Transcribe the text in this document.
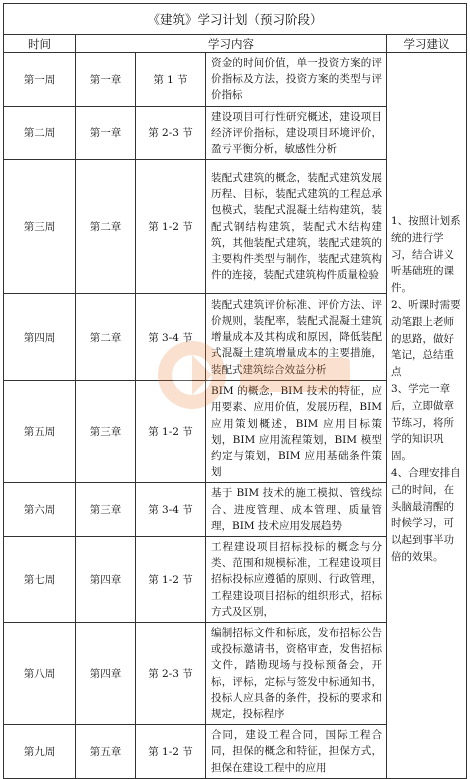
《建筑》学习计划（预习阶段）				
时间	学习内容			学习建议
第一周	第一章	第 1 节	资金的时间价值，单一投资方案的评价指标及方法，投资方案的类型与评价指标	1、按照计划系统的进行学习，结合讲义听基础班的课件。
2、听课时需要动笔跟上老师的思路，做好笔记，总结重点
3、学完一章后，立即做章节练习，将所学的知识巩固。
4、合理安排自己的时间，在头脑最清醒的时候学习，可以起到事半功倍的效果。

第二周	第一章	第 2-3 节	建设项目可行性研究概述，建设项目经济评价指标，建设项目环境评价，盈亏平衡分析，敏感性分析	
第三周	第二章	第 1-2 节	装配式建筑的概念，装配式建筑发展历程、目标，装配式建筑的工程总承包模式，装配式混凝土结构建筑，装配式钢结构建筑，装配式木结构建筑，其他装配式建筑，装配式建筑的主要构件类型与制作，装配式建筑构件的连接，装配式建筑构件质量检验	
第四周	第二章	第 3-4 节	装配式建筑评价标准、评价方法、评价规则，装配率，装配式混凝土建筑增量成本及其构成和原因，降低装配式混凝土建筑增量成本的主要措施，装配式建筑综合效益分析	
第五周	第三章	第 1-2 节	BIM 的概念，BIM 技术的特征，应用要素、应用价值，发展历程，BIM 应用策划概述，BIM 应用目标策划，BIM 应用流程策划，BIM 模型约定与策划，BIM 应用基础条件策划	
第六周	第三章	第 3-4 节	基于 BIM 技术的施工模拟、管线综合、进度管理、成本管理、质量管理，BIM 技术应用发展趋势	
第七周	第四章	第 1-2 节	工程建设项目招标投标的概念与分类、范围和规模标准，工程建设项目招标投标应遵循的原则、行政管理，工程建设项目招标的组织形式，招标方式及区别，	
第八周	第四章	第 2-3 节	编制招标文件和标底，发布招标公告或投标邀请书，资格审查，发售招标文件，踏勘现场与投标预备会，开标，评标，定标与签发中标通知书，投标人应具备的条件，投标的要求和规定，投标程序	
第九周	第五章	第 1-2 节	合同，建设工程合同，国际工程合同，担保的概念和特征，担保方式，担保在建设工程中的应用	
